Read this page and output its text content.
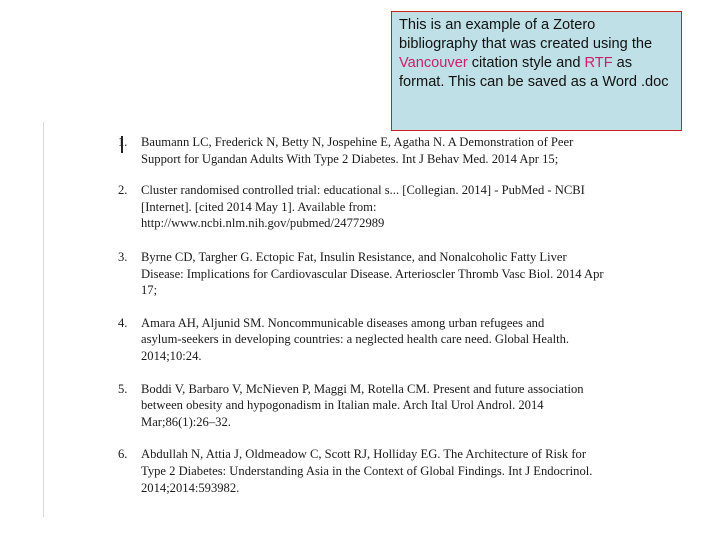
1.	Baumann LC, Frederick N, Betty N, Jospehine E, Agatha N. A Demonstration of Peer
Support for Ugandan Adults With Type 2 Diabetes. Int J Behav Med. 2014 Apr 15;
2.	Cluster randomised controlled trial: educational s... [Collegian. 2014] - PubMed - NCBI
[Internet]. [cited 2014 May 1]. Available from:
http://www.ncbi.nlm.nih.gov/pubmed/24772989
3.	Byrne CD, Targher G. Ectopic Fat, Insulin Resistance, and Nonalcoholic Fatty Liver
Disease: Implications for Cardiovascular Disease. Arterioscler Thromb Vasc Biol. 2014 Apr
17;
4.	Amara AH, Aljunid SM. Noncommunicable diseases among urban refugees and
asylum-seekers in developing countries: a neglected health care need. Global Health.
2014;10:24.
5.	Boddi V, Barbaro V, McNieven P, Maggi M, Rotella CM. Present and future association
between obesity and hypogonadism in Italian male. Arch Ital Urol Androl. 2014
Mar;86(1):26–32.
6.	Abdullah N, Attia J, Oldmeadow C, Scott RJ, Holliday EG. The Architecture of Risk for
Type 2 Diabetes: Understanding Asia in the Context of Global Findings. Int J Endocrinol.
2014;2014:593982.
This is an example of a Zotero bibliography that was created using the Vancouver citation style and RTF as format. This can be saved as a Word .doc
